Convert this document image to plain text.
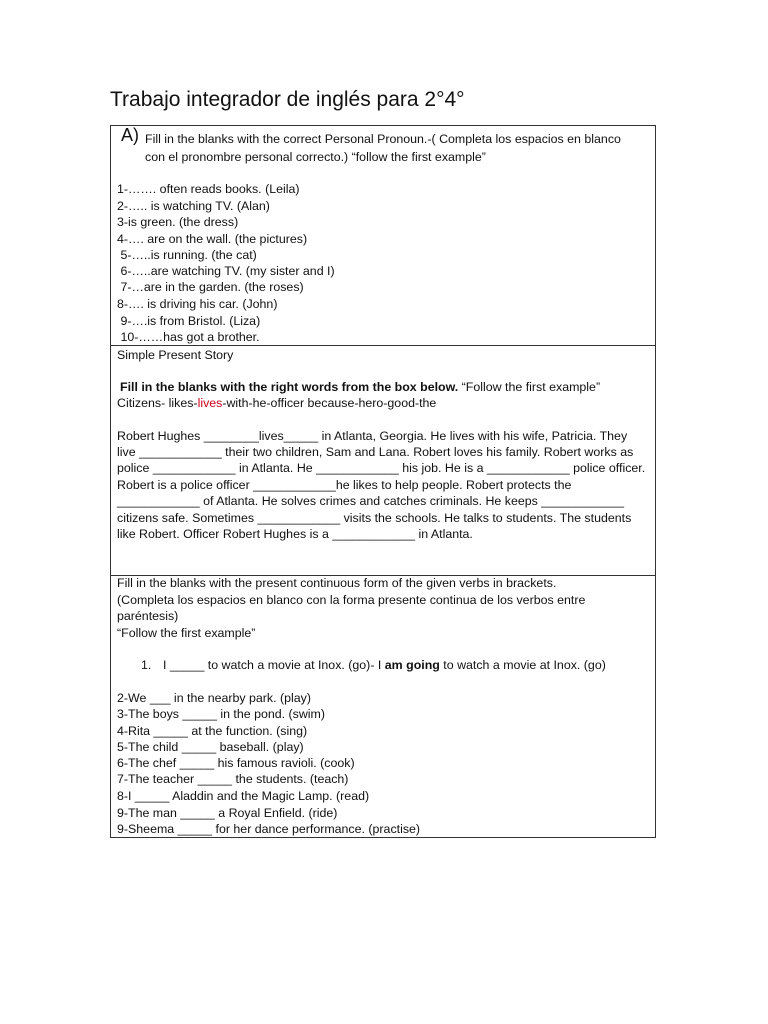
Trabajo integrador de inglés para 2°4°
A) Fill in the blanks with the correct Personal Pronoun.-( Completa los espacios en blanco
con el pronombre personal correcto.) “follow the first example”
1-……. often reads books. (Leila)
2-….. is watching TV. (Alan)
3-is green. (the dress)
4-…. are on the wall. (the pictures)
5-…..is running. (the cat)
6-…..are watching TV. (my sister and I)
7-…are in the garden. (the roses)
8-…. is driving his car. (John)
9-….is from Bristol. (Liza)
10-……has got a brother.
Simple Present Story
Fill in the blanks with the right words from the box below. “Follow the first example”
Citizens- likes-lives-with-he-officer because-hero-good-the
Robert Hughes ________lives_____ in Atlanta, Georgia. He lives with his wife, Patricia. They
live ____________ their two children, Sam and Lana. Robert loves his family. Robert works as
police ____________ in Atlanta. He ____________ his job. He is a ____________ police officer.
Robert is a police officer ____________he likes to help people. Robert protects the
____________ of Atlanta. He solves crimes and catches criminals. He keeps ____________
citizens safe. Sometimes ____________ visits the schools. He talks to students. The students
like Robert. Officer Robert Hughes is a ____________ in Atlanta.
Fill in the blanks with the present continuous form of the given verbs in brackets.
(Completa los espacios en blanco con la forma presente continua de los verbos entre
paréntesis)
“Follow the first example”
1. I _____ to watch a movie at Inox. (go)- I am going to watch a movie at Inox. (go)
2-We ___ in the nearby park. (play)
3-The boys _____ in the pond. (swim)
4-Rita _____ at the function. (sing)
5-The child _____ baseball. (play)
6-The chef _____ his famous ravioli. (cook)
7-The teacher _____ the students. (teach)
8-I _____ Aladdin and the Magic Lamp. (read)
9-The man _____ a Royal Enfield. (ride)
9-Sheema _____ for her dance performance. (practise)
